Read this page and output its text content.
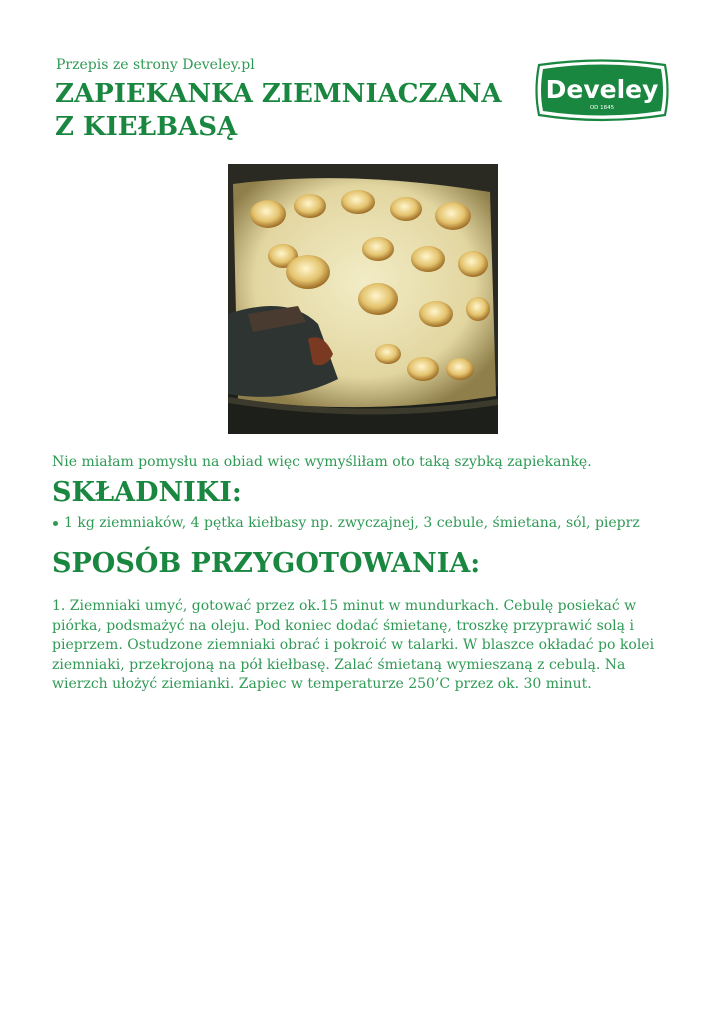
Przepis ze strony Develey.pl
ZAPIEKANKA ZIEMNIACZANA Z KIEŁBASĄ
Develey
OD 1845
Nie miałam pomysłu na obiad więc wymyśliłam oto taką szybką zapiekankę.
SKŁADNIKI:
1 kg ziemniaków, 4 pętka kiełbasy np. zwyczajnej, 3 cebule, śmietana, sól, pieprz
SPOSÓB PRZYGOTOWANIA:

1. Ziemniaki umyć, gotować przez ok.15 minut w mundurkach. Cebulę posiekać w piórka, podsmażyć na oleju. Pod koniec dodać śmietanę, troszkę przyprawić solą i pieprzem. Ostudzone ziemniaki obrać i pokroić w talarki. W blaszce okładać po kolei ziemniaki, przekrojoną na pół kiełbasę. Zalać śmietaną wymieszaną z cebulą. Na wierzch ułożyć ziemianki. Zapiec w temperaturze 250’C przez ok. 30 minut.
